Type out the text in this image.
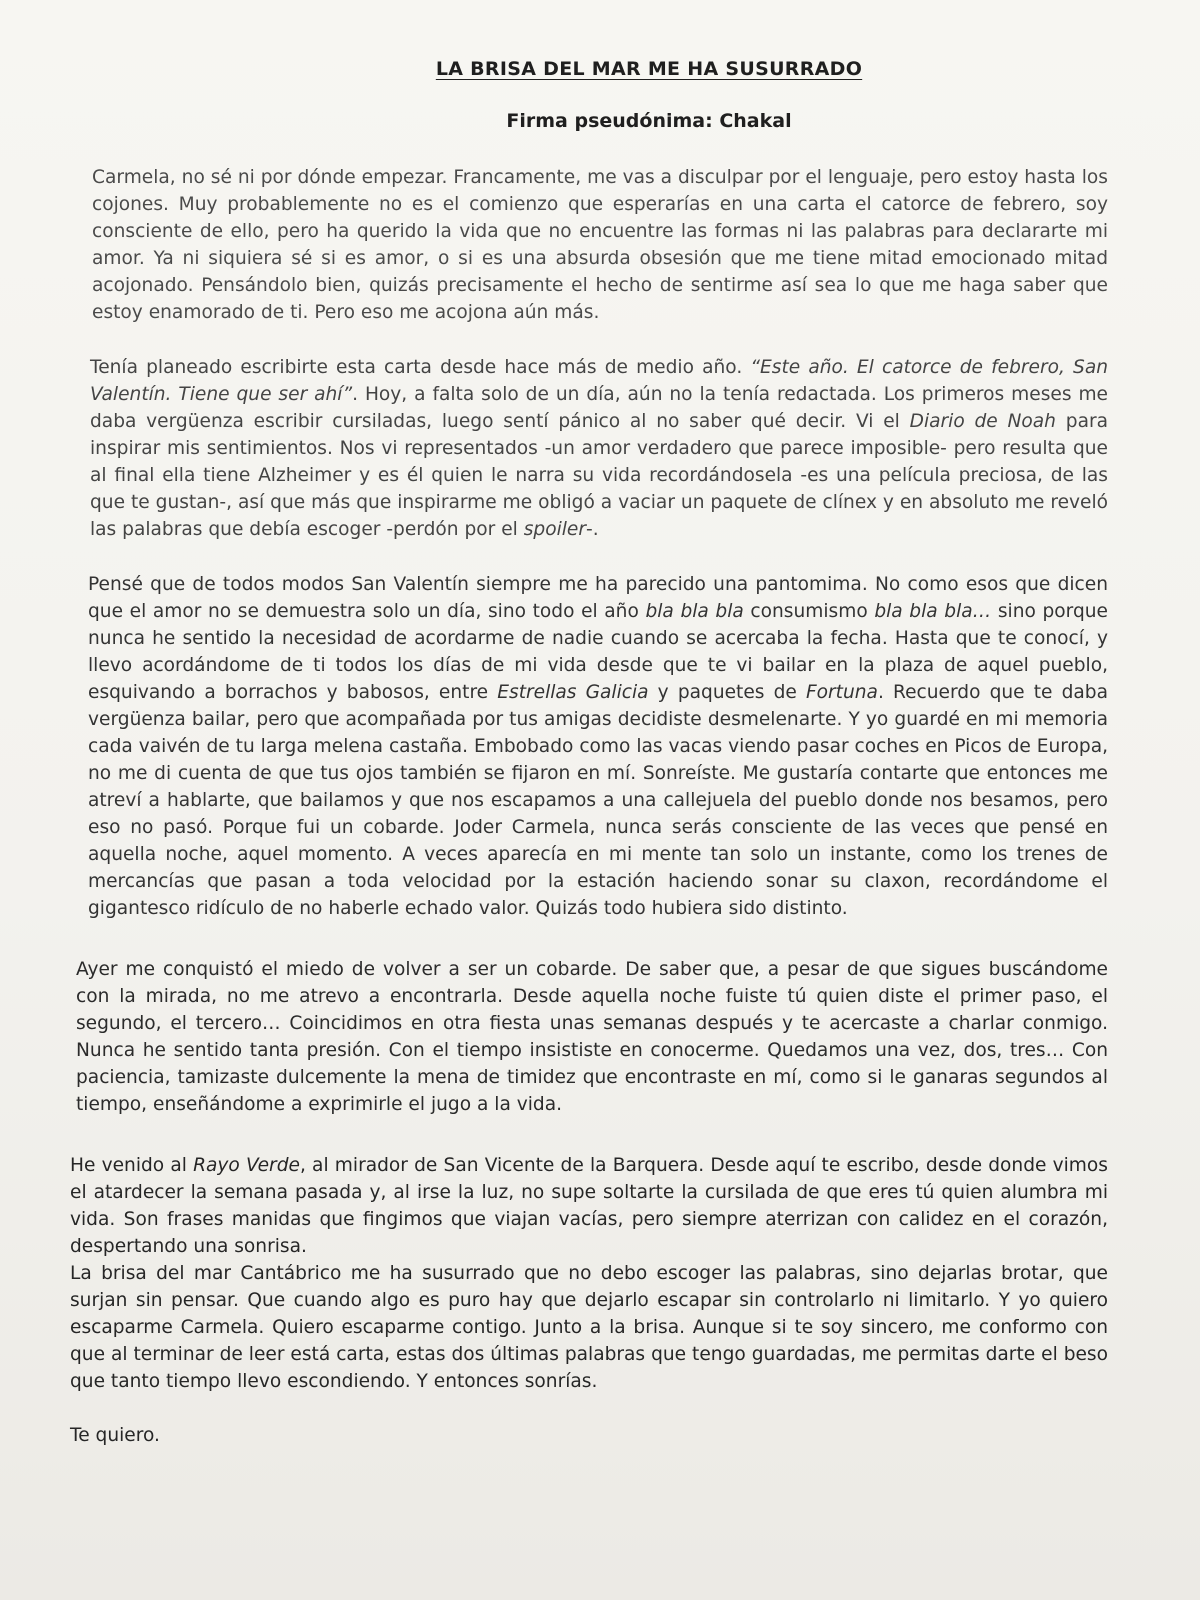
LA BRISA DEL MAR ME HA SUSURRADO
Firma pseudónima: Chakal

Carmela, no sé ni por dónde empezar. Francamente, me vas a disculpar por el lenguaje, pero estoy hasta los cojones. Muy probablemente no es el comienzo que esperarías en una carta el catorce de febrero, soy consciente de ello, pero ha querido la vida que no encuentre las formas ni las palabras para declararte mi amor. Ya ni siquiera sé si es amor, o si es una absurda obsesión que me tiene mitad emocionado mitad acojonado. Pensándolo bien, quizás precisamente el hecho de sentirme así sea lo que me haga saber que estoy enamorado de ti. Pero eso me acojona aún más.

Tenía planeado escribirte esta carta desde hace más de medio año. “Este año. El catorce de febrero, San Valentín. Tiene que ser ahí”. Hoy, a falta solo de un día, aún no la tenía redactada. Los primeros meses me daba vergüenza escribir cursiladas, luego sentí pánico al no saber qué decir. Vi el Diario de Noah para inspirar mis sentimientos. Nos vi representados -un amor verdadero que parece imposible- pero resulta que al final ella tiene Alzheimer y es él quien le narra su vida recordándosela -es una película preciosa, de las que te gustan-, así que más que inspirarme me obligó a vaciar un paquete de clínex y en absoluto me reveló las palabras que debía escoger -perdón por el spoiler-.

Pensé que de todos modos San Valentín siempre me ha parecido una pantomima. No como esos que dicen que el amor no se demuestra solo un día, sino todo el año bla bla bla consumismo bla bla bla… sino porque nunca he sentido la necesidad de acordarme de nadie cuando se acercaba la fecha. Hasta que te conocí, y llevo acordándome de ti todos los días de mi vida desde que te vi bailar en la plaza de aquel pueblo, esquivando a borrachos y babosos, entre Estrellas Galicia y paquetes de Fortuna. Recuerdo que te daba vergüenza bailar, pero que acompañada por tus amigas decidiste desmelenarte. Y yo guardé en mi memoria cada vaivén de tu larga melena castaña. Embobado como las vacas viendo pasar coches en Picos de Europa, no me di cuenta de que tus ojos también se fijaron en mí. Sonreíste. Me gustaría contarte que entonces me atreví a hablarte, que bailamos y que nos escapamos a una callejuela del pueblo donde nos besamos, pero eso no pasó. Porque fui un cobarde. Joder Carmela, nunca serás consciente de las veces que pensé en aquella noche, aquel momento. A veces aparecía en mi mente tan solo un instante, como los trenes de mercancías que pasan a toda velocidad por la estación haciendo sonar su claxon, recordándome el gigantesco ridículo de no haberle echado valor. Quizás todo hubiera sido distinto.

Ayer me conquistó el miedo de volver a ser un cobarde. De saber que, a pesar de que sigues buscándome con la mirada, no me atrevo a encontrarla. Desde aquella noche fuiste tú quien diste el primer paso, el segundo, el tercero… Coincidimos en otra fiesta unas semanas después y te acercaste a charlar conmigo. Nunca he sentido tanta presión. Con el tiempo insististe en conocerme. Quedamos una vez, dos, tres… Con paciencia, tamizaste dulcemente la mena de timidez que encontraste en mí, como si le ganaras segundos al tiempo, enseñándome a exprimirle el jugo a la vida.

He venido al Rayo Verde, al mirador de San Vicente de la Barquera. Desde aquí te escribo, desde donde vimos el atardecer la semana pasada y, al irse la luz, no supe soltarte la cursilada de que eres tú quien alumbra mi vida. Son frases manidas que fingimos que viajan vacías, pero siempre aterrizan con calidez en el corazón, despertando una sonrisa.

La brisa del mar Cantábrico me ha susurrado que no debo escoger las palabras, sino dejarlas brotar, que surjan sin pensar. Que cuando algo es puro hay que dejarlo escapar sin controlarlo ni limitarlo. Y yo quiero escaparme Carmela. Quiero escaparme contigo. Junto a la brisa. Aunque si te soy sincero, me conformo con que al terminar de leer está carta, estas dos últimas palabras que tengo guardadas, me permitas darte el beso que tanto tiempo llevo escondiendo. Y entonces sonrías.

Te quiero.
